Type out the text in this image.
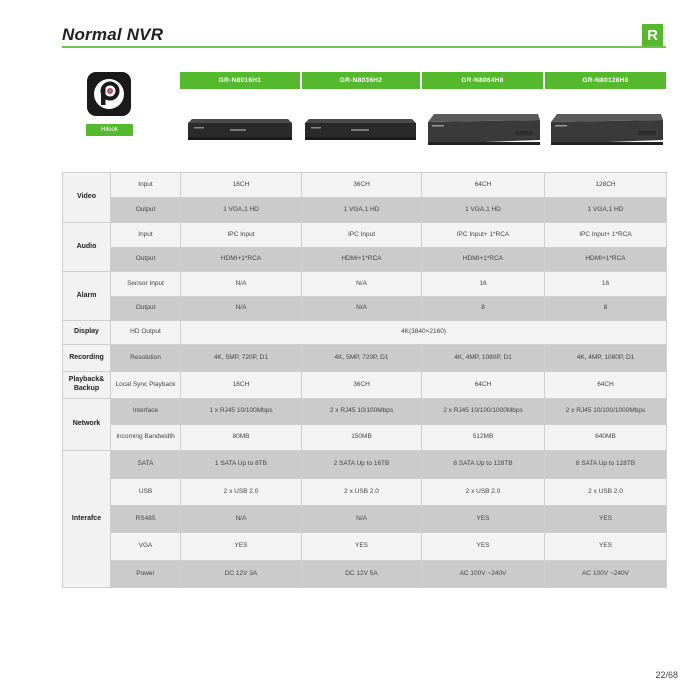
Normal NVR	R
Hilook
GR-N8016H1	GR-N8036H2	GR-N8064H8	GR-N80128H8
Video	Input	16CH	36CH	64CH	128CH
	Output	1 VGA,1 HD	1 VGA,1 HD	1 VGA,1 HD	1 VGA,1 HD
Audio	Input	IPC Input	IPC Input	IPC Input+ 1*RCA	IPC Input+ 1*RCA
	Output	HDMI+1*RCA	HDMI+1*RCA	HDMI+1*RCA	HDMI+1*RCA
Alarm	Sensor Input	N/A	N/A	16	16
	Output	N/A	N/A	8	8
Display	HD Output	4K(3840×2160)			
Recording	Resolution	4K, 5MP, 720P, D1	4K, 5MP, 720P, D1	4K, 4MP, 1080P, D1	4K, 4MP, 1080P, D1
Playback& Backup	Local Sync Playback	16CH	36CH	64CH	64CH
Network	Interface	1 x RJ45 10/100Mbps	2 x RJ45 10/100Mbps	2 x RJ45 10/100/1000Mbps	2 x RJ45 10/100/1000Mbps
	Incoming Bandwidth	80MB	150MB	512MB	640MB
Interafce	SATA	1 SATA Up to 8TB	2 SATA Up to 16TB	8 SATA Up to 128TB	8 SATA Up to 128TB
	USB	2 x USB 2.0	2 x USB 2.0	2 x USB 2.0	2 x USB 2.0
	RS485	N/A	N/A	YES	YES
	VGA	YES	YES	YES	YES
	Power	DC 12V 3A	DC 12V 5A	AC 100V ~240V	AC 100V ~240V
22/68
